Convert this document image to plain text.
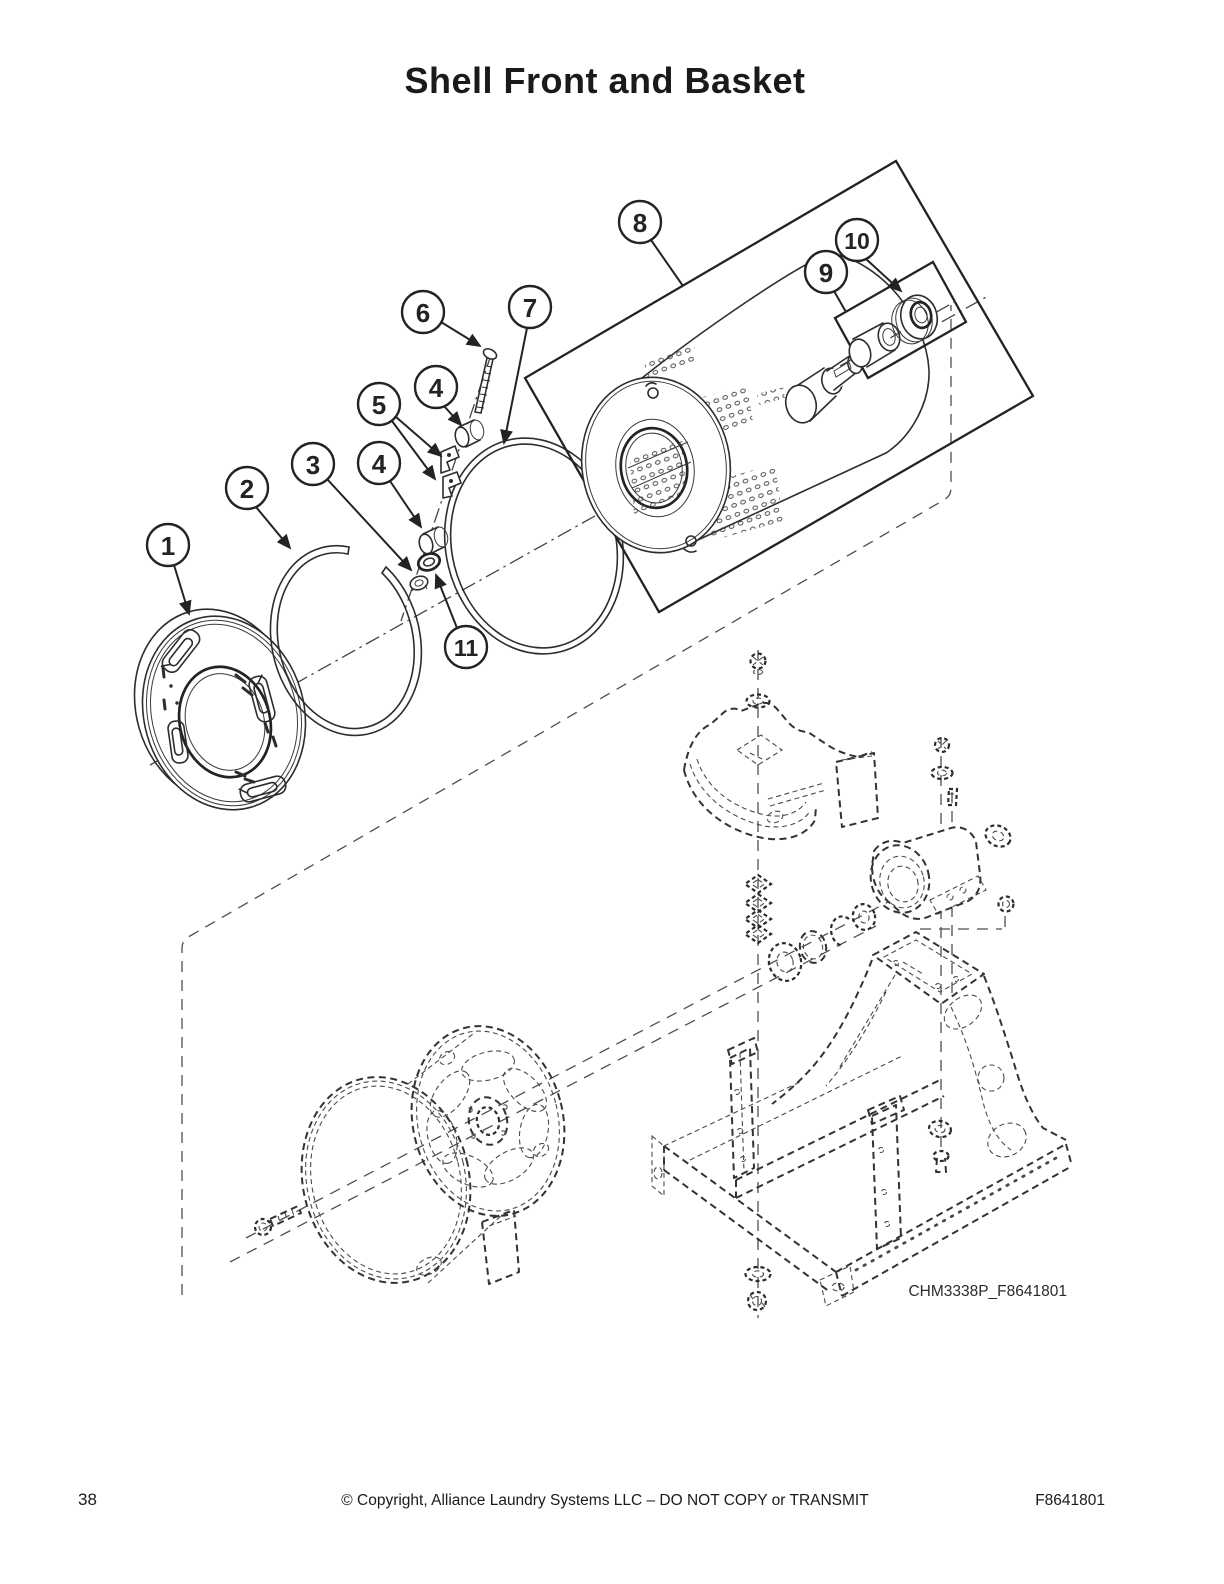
Shell Front and Basket
1
2
3
4
4
5
6	7
8
9
10
11
CHM3338P_F8641801
38	© Copyright, Alliance Laundry Systems LLC – DO NOT COPY or TRANSMIT	F8641801
